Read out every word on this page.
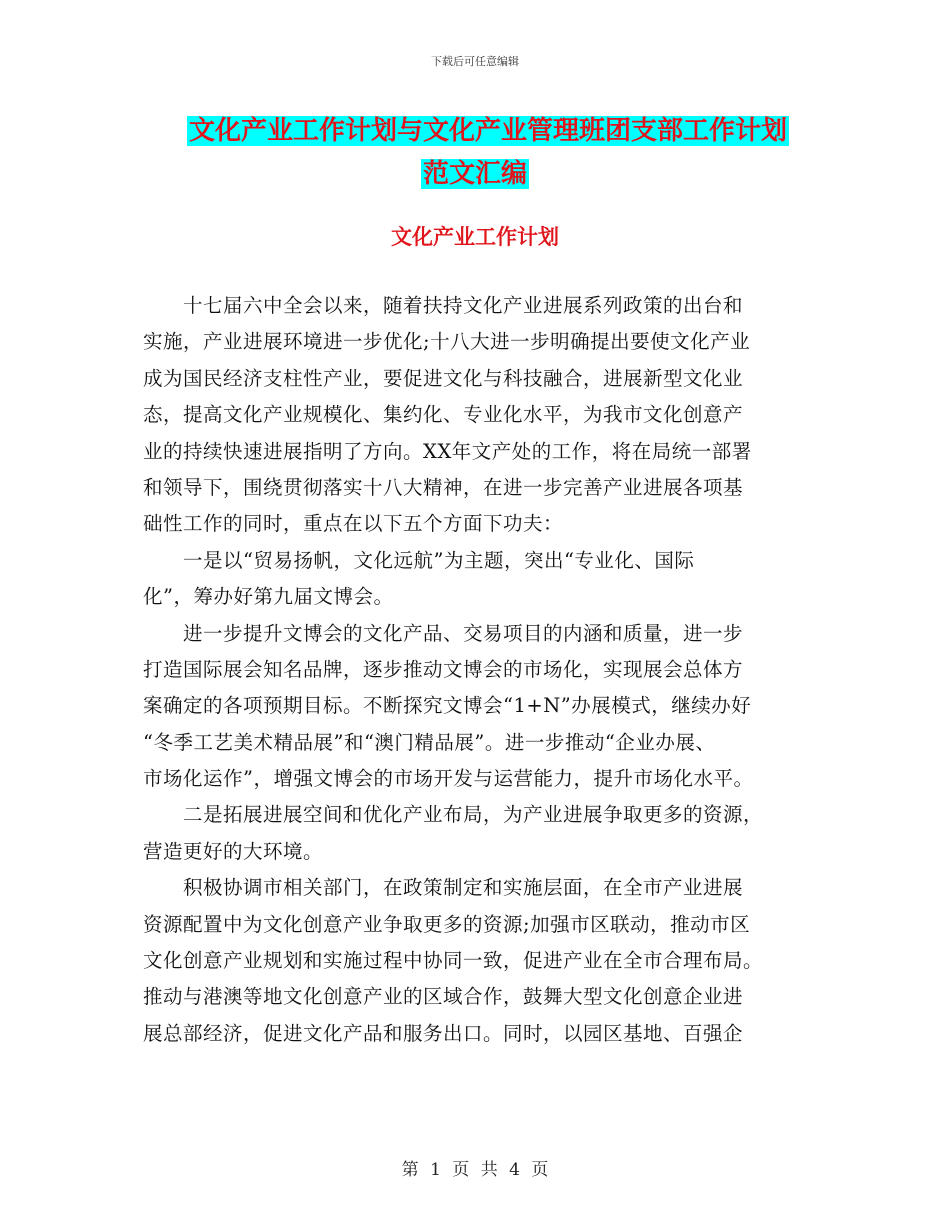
下载后可任意编辑
文化产业工作计划与文化产业管理班团支部工作计划
范文汇编
文化产业工作计划
　　十七届六中全会以来，随着扶持文化产业进展系列政策的出台和
实施，产业进展环境进一步优化;十八大进一步明确提出要使文化产业
成为国民经济支柱性产业，要促进文化与科技融合，进展新型文化业
态，提高文化产业规模化、集约化、专业化水平，为我市文化创意产
业的持续快速进展指明了方向。XX年文产处的工作，将在局统一部署
和领导下，围绕贯彻落实十八大精神，在进一步完善产业进展各项基
础性工作的同时，重点在以下五个方面下功夫：
　　一是以“贸易扬帆，文化远航”为主题，突出“专业化、国际
化”，筹办好第九届文博会。
　　进一步提升文博会的文化产品、交易项目的内涵和质量，进一步
打造国际展会知名品牌，逐步推动文博会的市场化，实现展会总体方
案确定的各项预期目标。不断探究文博会“1+N”办展模式，继续办好
“冬季工艺美术精品展”和“澳门精品展”。进一步推动“企业办展、
市场化运作”，增强文博会的市场开发与运营能力，提升市场化水平。
　　二是拓展进展空间和优化产业布局，为产业进展争取更多的资源，
营造更好的大环境。
　　积极协调市相关部门，在政策制定和实施层面，在全市产业进展
资源配置中为文化创意产业争取更多的资源;加强市区联动，推动市区
文化创意产业规划和实施过程中协同一致，促进产业在全市合理布局。
推动与港澳等地文化创意产业的区域合作，鼓舞大型文化创意企业进
展总部经济，促进文化产品和服务出口。同时，以园区基地、百强企
第 1 页 共 4 页
